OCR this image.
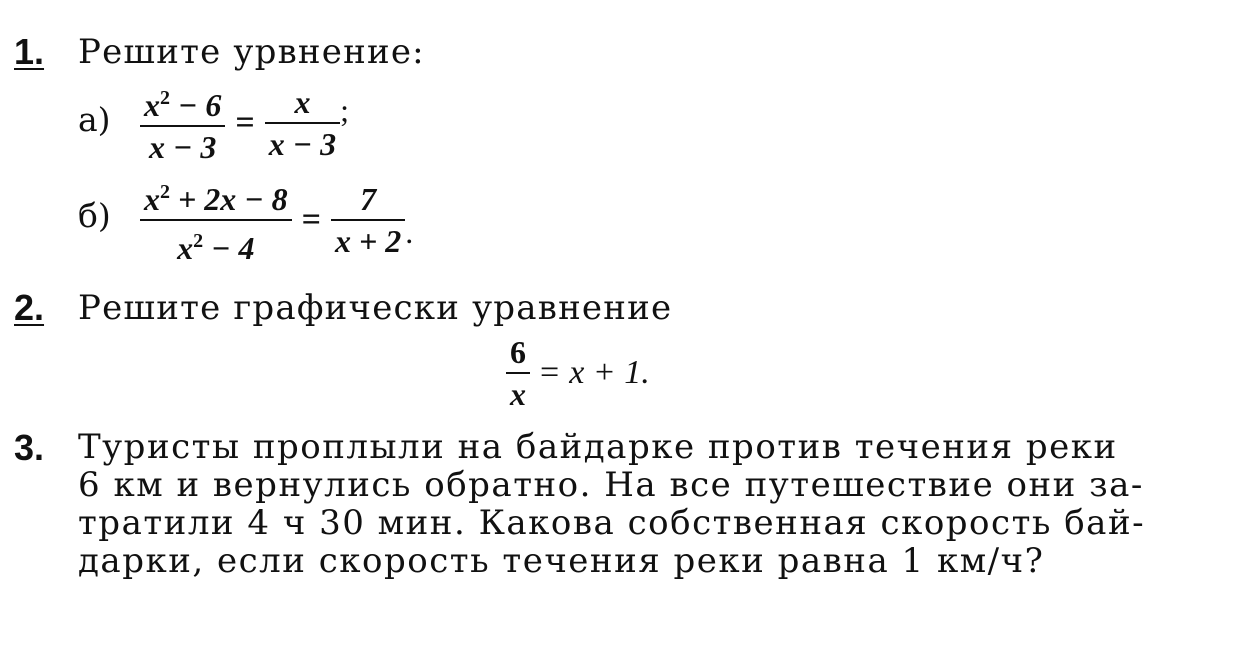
1. Решите урвнение:
$а) \frac{x^2 - 6}{x - 3} = \frac{x}{x - 3}$ ;
$б) \frac{x^2 + 2x - 8}{x^2 - 4} = \frac{7}{x + 2}$ .
2. Решите графически уравнение
$\frac{6}{x} = x + 1$.
3. Туристы проплыли на байдарке против течения реки
6 км и вернулись обратно. На все путешествие они за-
тратили 4 ч 30 мин. Какова собственная скорость бай-
дарки, если скорость течения реки равна 1 км/ч?
